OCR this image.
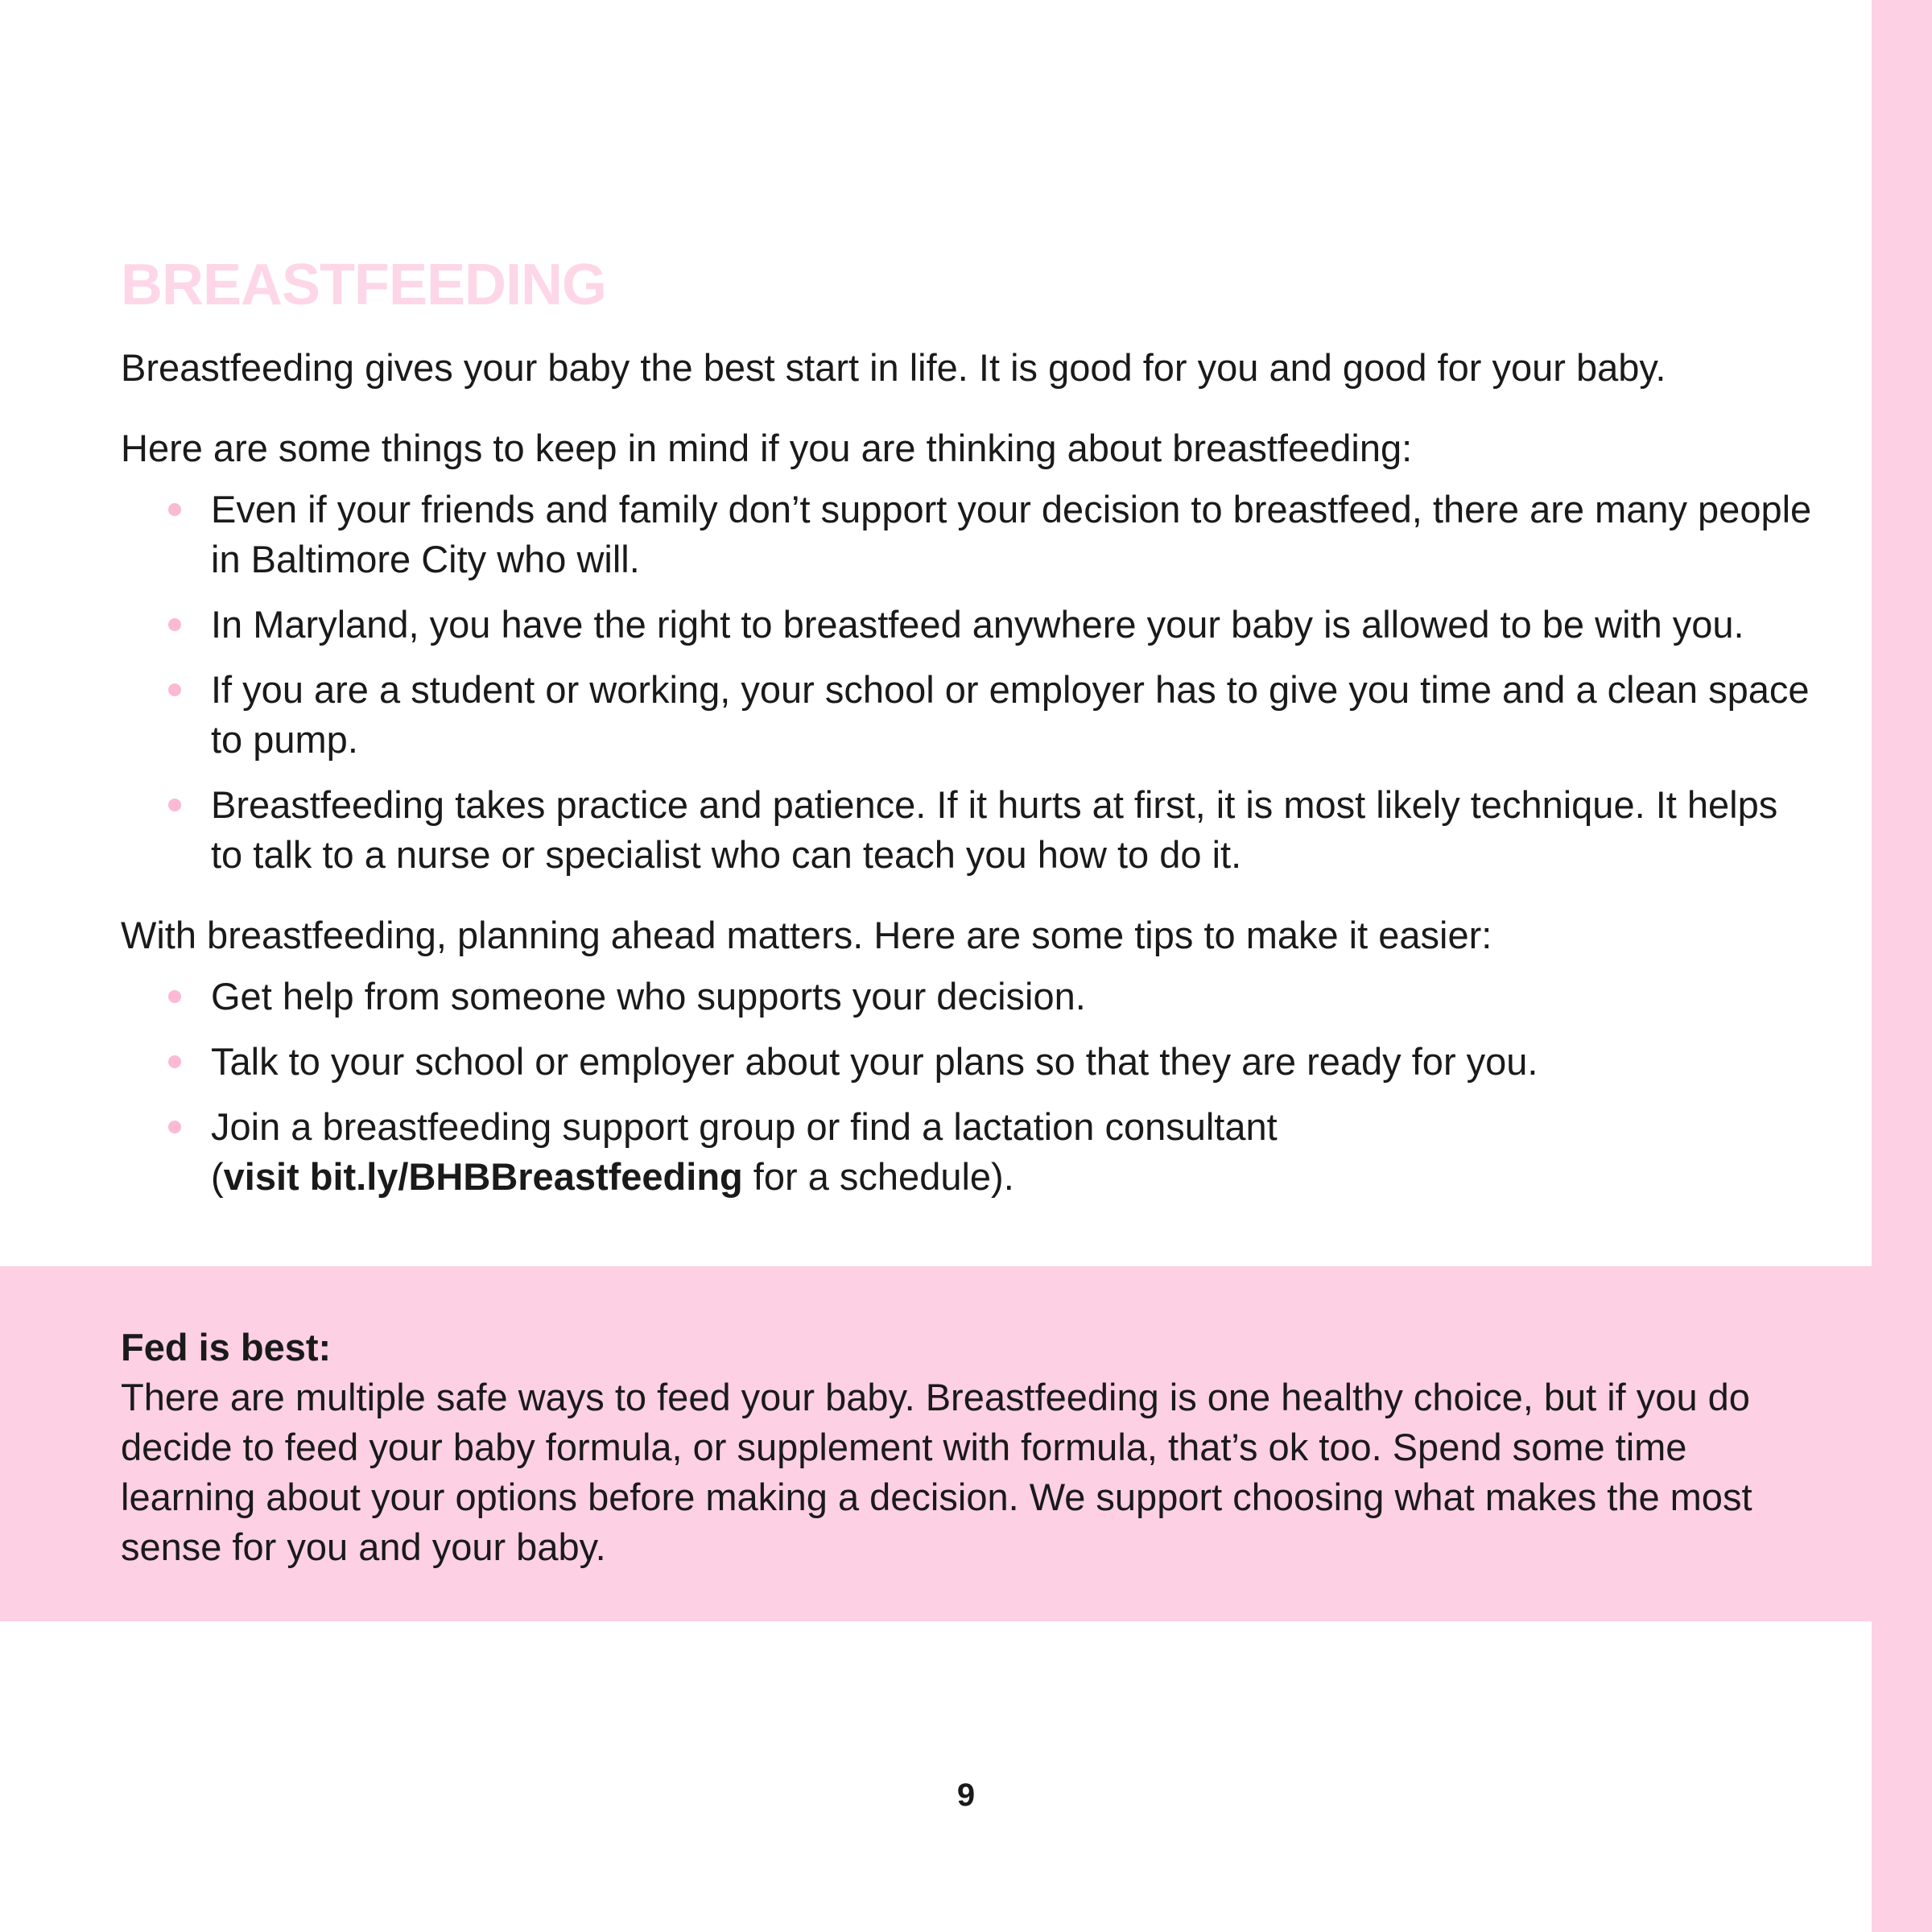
BREASTFEEDING

Breastfeeding gives your baby the best start in life. It is good for you and good for your baby.

Here are some things to keep in mind if you are thinking about breastfeeding:

Even if your friends and family don’t support your decision to breastfeed, there are many people in Baltimore City who will.
In Maryland, you have the right to breastfeed anywhere your baby is allowed to be with you.
If you are a student or working, your school or employer has to give you time and a clean space to pump.
Breastfeeding takes practice and patience. If it hurts at first, it is most likely technique. It helps to talk to a nurse or specialist who can teach you how to do it.

With breastfeeding, planning ahead matters. Here are some tips to make it easier:

Get help from someone who supports your decision.
Talk to your school or employer about your plans so that they are ready for you.
Join a breastfeeding support group or find a lactation consultant
(visit bit.ly/BHBBreastfeeding for a schedule).
Fed is best:
There are multiple safe ways to feed your baby. Breastfeeding is one healthy choice, but if you do decide to feed your baby formula, or supplement with formula, that’s ok too. Spend some time learning about your options before making a decision. We support choosing what makes the most sense for you and your baby.
9
